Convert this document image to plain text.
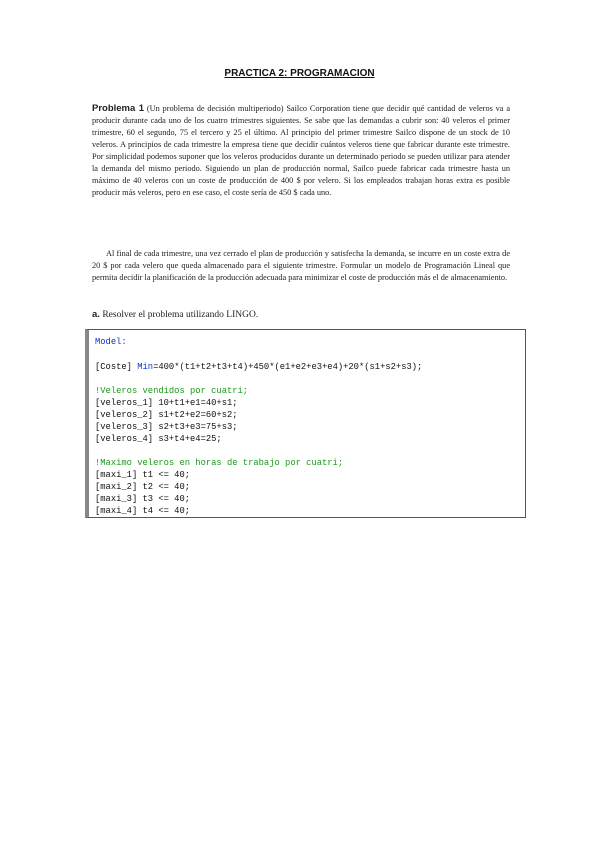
PRACTICA 2: PROGRAMACION
Problema 1 (Un problema de decisión multiperiodo) Sailco Corporation tiene que decidir qué cantidad de veleros va a producir durante cada uno de los cuatro trimestres siguientes. Se sabe que las demandas a cubrir son: 40 veleros el primer trimestre, 60 el segundo, 75 el tercero y 25 el último. Al principio del primer trimestre Sailco dispone de un stock de 10 veleros. A principios de cada trimestre la empresa tiene que decidir cuántos veleros tiene que fabricar durante este trimestre. Por simplicidad podemos suponer que los veleros producidos durante un determinado periodo se pueden utilizar para atender la demanda del mismo periodo. Siguiendo un plan de producción normal, Sailco puede fabricar cada trimestre hasta un máximo de 40 veleros con un coste de producción de 400 $ por velero. Si los empleados trabajan horas extra es posible producir más veleros, pero en ese caso, el coste sería de 450 $ cada uno.
Al final de cada trimestre, una vez cerrado el plan de producción y satisfecha la demanda, se incurre en un coste extra de 20 $ por cada velero que queda almacenado para el siguiente trimestre. Formular un modelo de Programación Lineal que permita decidir la planificación de la producción adecuada para minimizar el coste de producción más el de almacenamiento.
a. Resolver el problema utilizando LINGO.
Model:
[Coste] Min=400*(t1+t2+t3+t4)+450*(e1+e2+e3+e4)+20*(s1+s2+s3);
!Veleros vendidos por cuatri;
[veleros_1] 10+t1+e1=40+s1;
[veleros_2] s1+t2+e2=60+s2;
[veleros_3] s2+t3+e3=75+s3;
[veleros_4] s3+t4+e4=25;
!Maximo veleros en horas de trabajo por cuatri;
[maxi_1] t1 <= 40;
[maxi_2] t2 <= 40;
[maxi_3] t3 <= 40;
[maxi_4] t4 <= 40;
